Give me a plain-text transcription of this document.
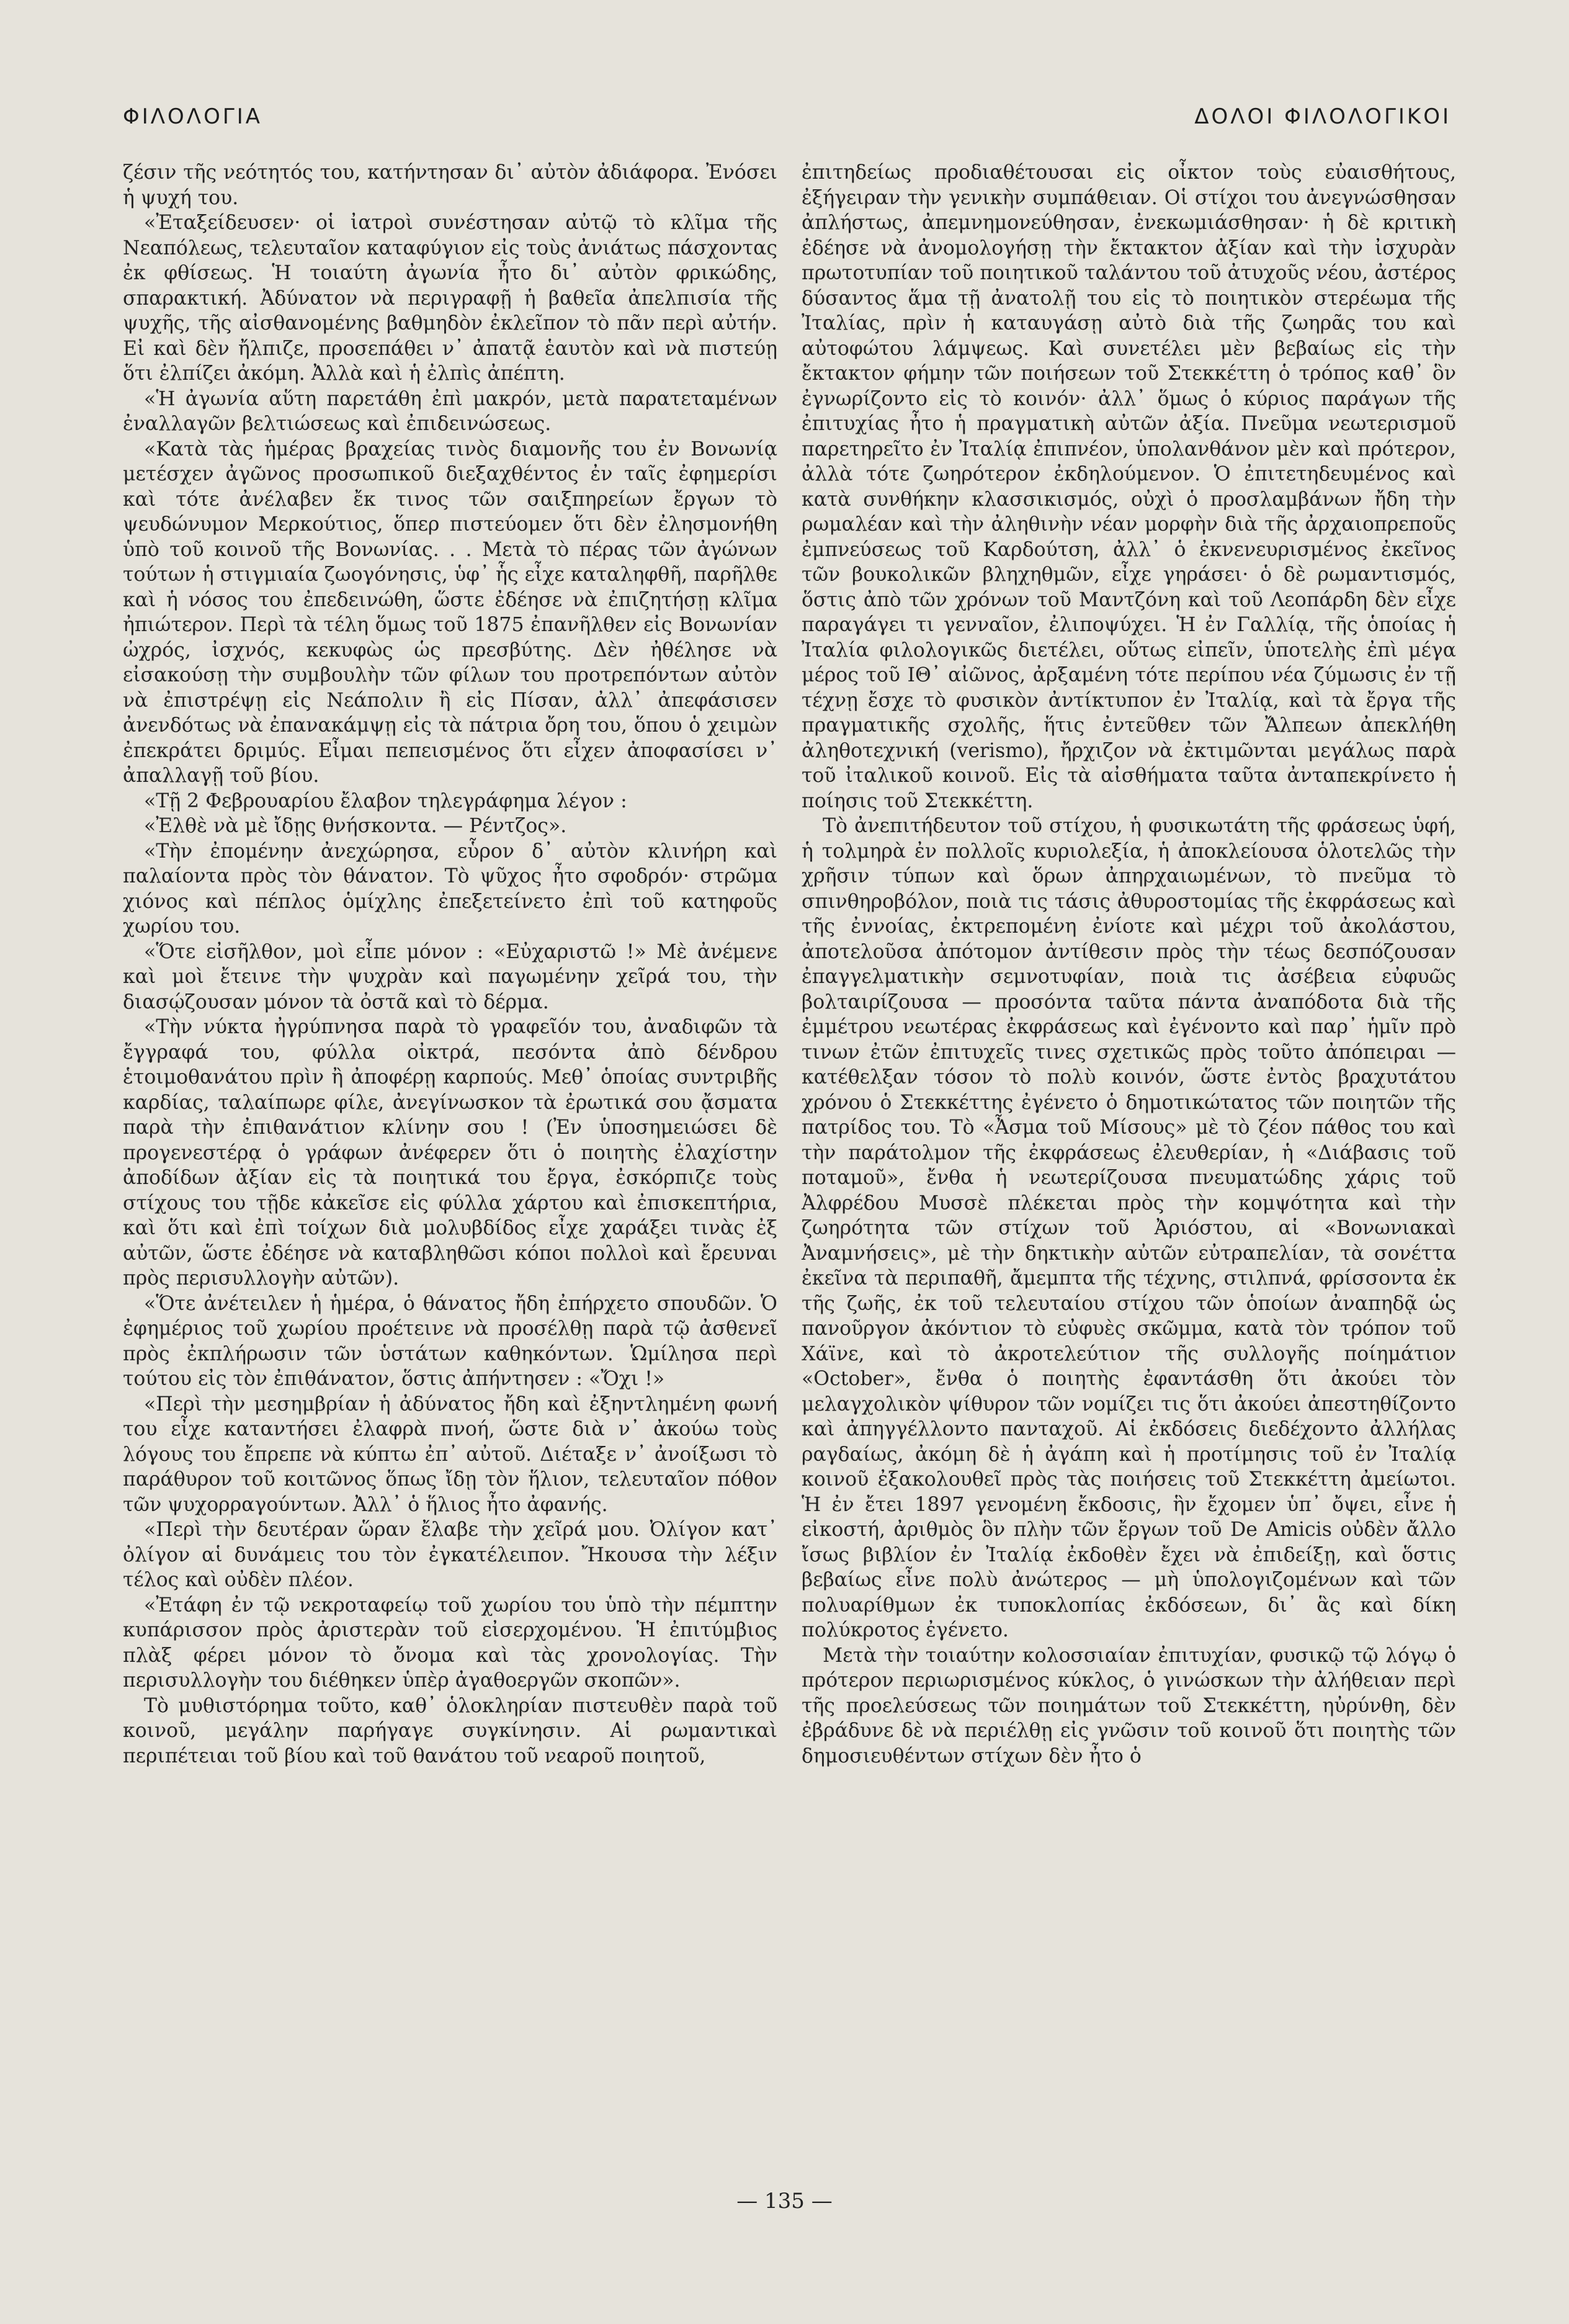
ΦΙΛΟΛΟΓΙΑ	ΔΟΛΟΙ ΦΙΛΟΛΟΓΙΚΟΙ

ζέσιν τῆς νεότητός του, κατήντησαν δι᾿ αὐτὸν ἀδιάφορα. Ἐνόσει ἡ ψυχή του.

«Ἐταξείδευσεν· οἱ ἰατροὶ συνέστησαν αὐτῷ τὸ κλῖμα τῆς Νεαπόλεως, τελευταῖον καταφύγιον εἰς τοὺς ἀνιάτως πάσχοντας ἐκ φθίσεως. Ἡ τοιαύτη ἀγωνία ἦτο δι᾿ αὐτὸν φρικώδης, σπαρακτική. Ἀδύνατον νὰ περιγραφῇ ἡ βαθεῖα ἀπελπισία τῆς ψυχῆς, τῆς αἰσθανομένης βαθμηδὸν ἐκλεῖπον τὸ πᾶν περὶ αὐτήν. Εἰ καὶ δὲν ἤλπιζε, προσεπάθει ν᾿ ἀπατᾷ ἑαυτὸν καὶ νὰ πιστεύῃ ὅτι ἐλπίζει ἀκόμη. Ἀλλὰ καὶ ἡ ἐλπὶς ἀπέπτη.

«Ἡ ἀγωνία αὕτη παρετάθη ἐπὶ μακρόν, μετὰ παρατεταμένων ἐναλλαγῶν βελτιώσεως καὶ ἐπιδεινώσεως.

«Κατὰ τὰς ἡμέρας βραχείας τινὸς διαμονῆς του ἐν Βονωνίᾳ μετέσχεν ἀγῶνος προσωπικοῦ διεξαχθέντος ἐν ταῖς ἐφημερίσι καὶ τότε ἀνέλαβεν ἔκ τινος τῶν σαιξπηρείων ἔργων τὸ ψευδώνυμον Μερκούτιος, ὅπερ πιστεύομεν ὅτι δὲν ἐλησμονήθη ὑπὸ τοῦ κοινοῦ τῆς Βονωνίας. . . Μετὰ τὸ πέρας τῶν ἀγώνων τούτων ἡ στιγμιαία ζωογόνησις, ὑφ᾿ ἧς εἶχε καταληφθῆ, παρῆλθε καὶ ἡ νόσος του ἐπεδεινώθη, ὥστε ἐδέησε νὰ ἐπιζητήσῃ κλῖμα ἠπιώτερον. Περὶ τὰ τέλη ὅμως τοῦ 1875 ἐπανῆλθεν εἰς Βονωνίαν ὠχρός, ἰσχνός, κεκυφὼς ὡς πρεσβύτης. Δὲν ἠθέλησε νὰ εἰσακούσῃ τὴν συμβουλὴν τῶν φίλων του προτρεπόντων αὐτὸν νὰ ἐπιστρέψῃ εἰς Νεάπολιν ἢ εἰς Πίσαν, ἀλλ᾿ ἀπεφάσισεν ἀνενδότως νὰ ἐπανακάμψῃ εἰς τὰ πάτρια ὄρη του, ὅπου ὁ χειμὼν ἐπεκράτει δριμύς. Εἶμαι πεπεισμένος ὅτι εἶχεν ἀποφασίσει ν᾿ ἀπαλλαγῇ τοῦ βίου.

«Τῇ 2 Φεβρουαρίου ἔλαβον τηλεγράφημα λέγον :

«Ἐλθὲ νὰ μὲ ἴδῃς θνήσκοντα. — Ρέντζος».

«Τὴν ἐπομένην ἀνεχώρησα, εὗρον δ᾿ αὐτὸν κλινήρη καὶ παλαίοντα πρὸς τὸν θάνατον. Τὸ ψῦχος ἦτο σφοδρόν· στρῶμα χιόνος καὶ πέπλος ὁμίχλης ἐπεξετείνετο ἐπὶ τοῦ κατηφοῦς χωρίου του.

«Ὅτε εἰσῆλθον, μοὶ εἶπε μόνον : «Εὐχαριστῶ !» Μὲ ἀνέμενε καὶ μοὶ ἔτεινε τὴν ψυχρὰν καὶ παγωμένην χεῖρά του, τὴν διασῴζουσαν μόνον τὰ ὀστᾶ καὶ τὸ δέρμα.

«Τὴν νύκτα ἠγρύπνησα παρὰ τὸ γραφεῖόν του, ἀναδιφῶν τὰ ἔγγραφά του, φύλλα οἰκτρά, πεσόντα ἀπὸ δένδρου ἑτοιμοθανάτου πρὶν ἢ ἀποφέρῃ καρπούς. Μεθ᾿ ὁποίας συντριβῆς καρδίας, ταλαίπωρε φίλε, ἀνεγίνωσκον τὰ ἐρωτικά σου ᾄσματα παρὰ τὴν ἐπιθανάτιον κλίνην σου ! (Ἐν ὑποσημειώσει δὲ προγενεστέρᾳ ὁ γράφων ἀνέφερεν ὅτι ὁ ποιητὴς ἐλαχίστην ἀποδίδων ἀξίαν εἰς τὰ ποιητικά του ἔργα, ἐσκόρπιζε τοὺς στίχους του τῇδε κἀκεῖσε εἰς φύλλα χάρτου καὶ ἐπισκεπτήρια, καὶ ὅτι καὶ ἐπὶ τοίχων διὰ μολυβδίδος εἶχε χαράξει τινὰς ἐξ αὐτῶν, ὥστε ἐδέησε νὰ καταβληθῶσι κόποι πολλοὶ καὶ ἔρευναι πρὸς περισυλλογὴν αὐτῶν).

«Ὅτε ἀνέτειλεν ἡ ἡμέρα, ὁ θάνατος ἤδη ἐπήρχετο σπουδῶν. Ὁ ἐφημέριος τοῦ χωρίου προέτεινε νὰ προσέλθῃ παρὰ τῷ ἀσθενεῖ πρὸς ἐκπλήρωσιν τῶν ὑστάτων καθηκόντων. Ὡμίλησα περὶ τούτου εἰς τὸν ἐπιθάνατον, ὅστις ἀπήντησεν : «Ὄχι !»

«Περὶ τὴν μεσημβρίαν ἡ ἀδύνατος ἤδη καὶ ἐξηντλημένη φωνή του εἶχε καταντήσει ἐλαφρὰ πνοή, ὥστε διὰ ν᾿ ἀκούω τοὺς λόγους του ἔπρεπε νὰ κύπτω ἐπ᾿ αὐτοῦ. Διέταξε ν᾿ ἀνοίξωσι τὸ παράθυρον τοῦ κοιτῶνος ὅπως ἴδῃ τὸν ἥλιον, τελευταῖον πόθον τῶν ψυχορραγούντων. Ἀλλ᾿ ὁ ἥλιος ἦτο ἀφανής.

«Περὶ τὴν δευτέραν ὥραν ἔλαβε τὴν χεῖρά μου. Ὀλίγον κατ᾿ ὀλίγον αἱ δυνάμεις του τὸν ἐγκατέλειπον. Ἤκουσα τὴν λέξιν τέλος καὶ οὐδὲν πλέον.

«Ἐτάφη ἐν τῷ νεκροταφείῳ τοῦ χωρίου του ὑπὸ τὴν πέμπτην κυπάρισσον πρὸς ἀριστερὰν τοῦ εἰσερχομένου. Ἡ ἐπιτύμβιος πλὰξ φέρει μόνον τὸ ὄνομα καὶ τὰς χρονολογίας. Τὴν περισυλλογὴν του διέθηκεν ὑπὲρ ἀγαθοεργῶν σκοπῶν».

Τὸ μυθιστόρημα τοῦτο, καθ᾿ ὁλοκληρίαν πιστευθὲν παρὰ τοῦ κοινοῦ, μεγάλην παρήγαγε συγκίνησιν. Αἱ ρωμαντικαὶ περιπέτειαι τοῦ βίου καὶ τοῦ θανάτου τοῦ νεαροῦ ποιητοῦ,

ἐπιτηδείως προδιαθέτουσαι εἰς οἶκτον τοὺς εὐαισθήτους, ἐξήγειραν τὴν γενικὴν συμπάθειαν. Οἱ στίχοι του ἀνεγνώσθησαν ἀπλήστως, ἀπεμνημονεύθησαν, ἐνεκωμιάσθησαν· ἡ δὲ κριτικὴ ἐδέησε νὰ ἀνομολογήσῃ τὴν ἔκτακτον ἀξίαν καὶ τὴν ἰσχυρὰν πρωτοτυπίαν τοῦ ποιητικοῦ ταλάντου τοῦ ἀτυχοῦς νέου, ἀστέρος δύσαντος ἅμα τῇ ἀνατολῇ του εἰς τὸ ποιητικὸν στερέωμα τῆς Ἰταλίας, πρὶν ἡ καταυγάσῃ αὐτὸ διὰ τῆς ζωηρᾶς του καὶ αὐτοφώτου λάμψεως. Καὶ συνετέλει μὲν βεβαίως εἰς τὴν ἔκτακτον φήμην τῶν ποιήσεων τοῦ Στεκκέττη ὁ τρόπος καθ᾿ ὃν ἐγνωρίζοντο εἰς τὸ κοινόν· ἀλλ᾿ ὅμως ὁ κύριος παράγων τῆς ἐπιτυχίας ἦτο ἡ πραγματικὴ αὐτῶν ἀξία. Πνεῦμα νεωτερισμοῦ παρετηρεῖτο ἐν Ἰταλίᾳ ἐπιπνέον, ὑπολανθάνον μὲν καὶ πρότερον, ἀλλὰ τότε ζωηρότερον ἐκδηλούμενον. Ὁ ἐπιτετηδευμένος καὶ κατὰ συνθήκην κλασσικισμός, οὐχὶ ὁ προσλαμβάνων ἤδη τὴν ρωμαλέαν καὶ τὴν ἀληθινὴν νέαν μορφὴν διὰ τῆς ἀρχαιοπρεποῦς ἐμπνεύσεως τοῦ Καρδούτση, ἀλλ᾿ ὁ ἐκνενευρισμένος ἐκεῖνος τῶν βουκολικῶν βληχηθμῶν, εἶχε γηράσει· ὁ δὲ ρωμαντισμός, ὅστις ἀπὸ τῶν χρόνων τοῦ Μαντζόνη καὶ τοῦ Λεοπάρδη δὲν εἶχε παραγάγει τι γενναῖον, ἐλιποψύχει. Ἡ ἐν Γαλλίᾳ, τῆς ὁποίας ἡ Ἰταλία φιλολογικῶς διετέλει, οὕτως εἰπεῖν, ὑποτελὴς ἐπὶ μέγα μέρος τοῦ ΙΘ᾿ αἰῶνος, ἀρξαμένη τότε περίπου νέα ζύμωσις ἐν τῇ τέχνῃ ἔσχε τὸ φυσικὸν ἀντίκτυπον ἐν Ἰταλίᾳ, καὶ τὰ ἔργα τῆς πραγματικῆς σχολῆς, ἥτις ἐντεῦθεν τῶν Ἄλπεων ἀπεκλήθη ἀληθοτεχνική (verismo), ἤρχιζον νὰ ἐκτιμῶνται μεγάλως παρὰ τοῦ ἰταλικοῦ κοινοῦ. Εἰς τὰ αἰσθήματα ταῦτα ἀνταπεκρίνετο ἡ ποίησις τοῦ Στεκκέττη.

Τὸ ἀνεπιτήδευτον τοῦ στίχου, ἡ φυσικωτάτη τῆς φράσεως ὑφή, ἡ τολμηρὰ ἐν πολλοῖς κυριολεξία, ἡ ἀποκλείουσα ὁλοτελῶς τὴν χρῆσιν τύπων καὶ ὅρων ἀπηρχαιωμένων, τὸ πνεῦμα τὸ σπινθηροβόλον, ποιὰ τις τάσις ἀθυροστομίας τῆς ἐκφράσεως καὶ τῆς ἐννοίας, ἐκτρεπομένη ἐνίοτε καὶ μέχρι τοῦ ἀκολάστου, ἀποτελοῦσα ἀπότομον ἀντίθεσιν πρὸς τὴν τέως δεσπόζουσαν ἐπαγγελματικὴν σεμνοτυφίαν, ποιὰ τις ἀσέβεια εὐφυῶς βολταιρίζουσα — προσόντα ταῦτα πάντα ἀναπόδοτα διὰ τῆς ἐμμέτρου νεωτέρας ἐκφράσεως καὶ ἐγένοντο καὶ παρ᾿ ἡμῖν πρὸ τινων ἐτῶν ἐπιτυχεῖς τινες σχετικῶς πρὸς τοῦτο ἀπόπειραι — κατέθελξαν τόσον τὸ πολὺ κοινόν, ὥστε ἐντὸς βραχυτάτου χρόνου ὁ Στεκκέττης ἐγένετο ὁ δημοτικώτατος τῶν ποιητῶν τῆς πατρίδος του. Τὸ «Ἆσμα τοῦ Μίσους» μὲ τὸ ζέον πάθος του καὶ τὴν παράτολμον τῆς ἐκφράσεως ἐλευθερίαν, ἡ «Διάβασις τοῦ ποταμοῦ», ἔνθα ἡ νεωτερίζουσα πνευματώδης χάρις τοῦ Ἀλφρέδου Μυσσὲ πλέκεται πρὸς τὴν κομψότητα καὶ τὴν ζωηρότητα τῶν στίχων τοῦ Ἀριόστου, αἱ «Βονωνιακαὶ Ἀναμνήσεις», μὲ τὴν δηκτικὴν αὐτῶν εὐτραπελίαν, τὰ σονέττα ἐκεῖνα τὰ περιπαθῆ, ἄμεμπτα τῆς τέχνης, στιλπνά, φρίσσοντα ἐκ τῆς ζωῆς, ἐκ τοῦ τελευταίου στίχου τῶν ὁποίων ἀναπηδᾷ ὡς πανοῦργον ἀκόντιον τὸ εὐφυὲς σκῶμμα, κατὰ τὸν τρόπον τοῦ Χάϊνε, καὶ τὸ ἀκροτελεύτιον τῆς συλλογῆς ποίημάτιον «October», ἔνθα ὁ ποιητὴς ἐφαντάσθη ὅτι ἀκούει τὸν μελαγχολικὸν ψίθυρον τῶν νομίζει τις ὅτι ἀκούει ἀπεστηθίζοντο καὶ ἀπηγγέλλοντο πανταχοῦ. Αἱ ἐκδόσεις διεδέχοντο ἀλλήλας ραγδαίως, ἀκόμη δὲ ἡ ἀγάπη καὶ ἡ προτίμησις τοῦ ἐν Ἰταλίᾳ κοινοῦ ἐξακολουθεῖ πρὸς τὰς ποιήσεις τοῦ Στεκκέττη ἀμείωτοι. Ἡ ἐν ἔτει 1897 γενομένη ἔκδοσις, ἣν ἔχομεν ὑπ᾿ ὄψει, εἶνε ἡ εἰκοστή, ἀριθμὸς ὃν πλὴν τῶν ἔργων τοῦ De Amicis οὐδὲν ἄλλο ἴσως βιβλίον ἐν Ἰταλίᾳ ἐκδοθὲν ἔχει νὰ ἐπιδείξῃ, καὶ ὅστις βεβαίως εἶνε πολὺ ἀνώτερος — μὴ ὑπολογιζομένων καὶ τῶν πολυαρίθμων ἐκ τυποκλοπίας ἐκδόσεων, δι᾿ ἃς καὶ δίκη πολύκροτος ἐγένετο.

Μετὰ τὴν τοιαύτην κολοσσιαίαν ἐπιτυχίαν, φυσικῷ τῷ λόγῳ ὁ πρότερον περιωρισμένος κύκλος, ὁ γινώσκων τὴν ἀλήθειαν περὶ τῆς προελεύσεως τῶν ποιημάτων τοῦ Στεκκέττη, ηὐρύνθη, δὲν ἐβράδυνε δὲ νὰ περιέλθῃ εἰς γνῶσιν τοῦ κοινοῦ ὅτι ποιητὴς τῶν δημοσιευθέντων στίχων δὲν ἦτο ὁ

— 135 —
